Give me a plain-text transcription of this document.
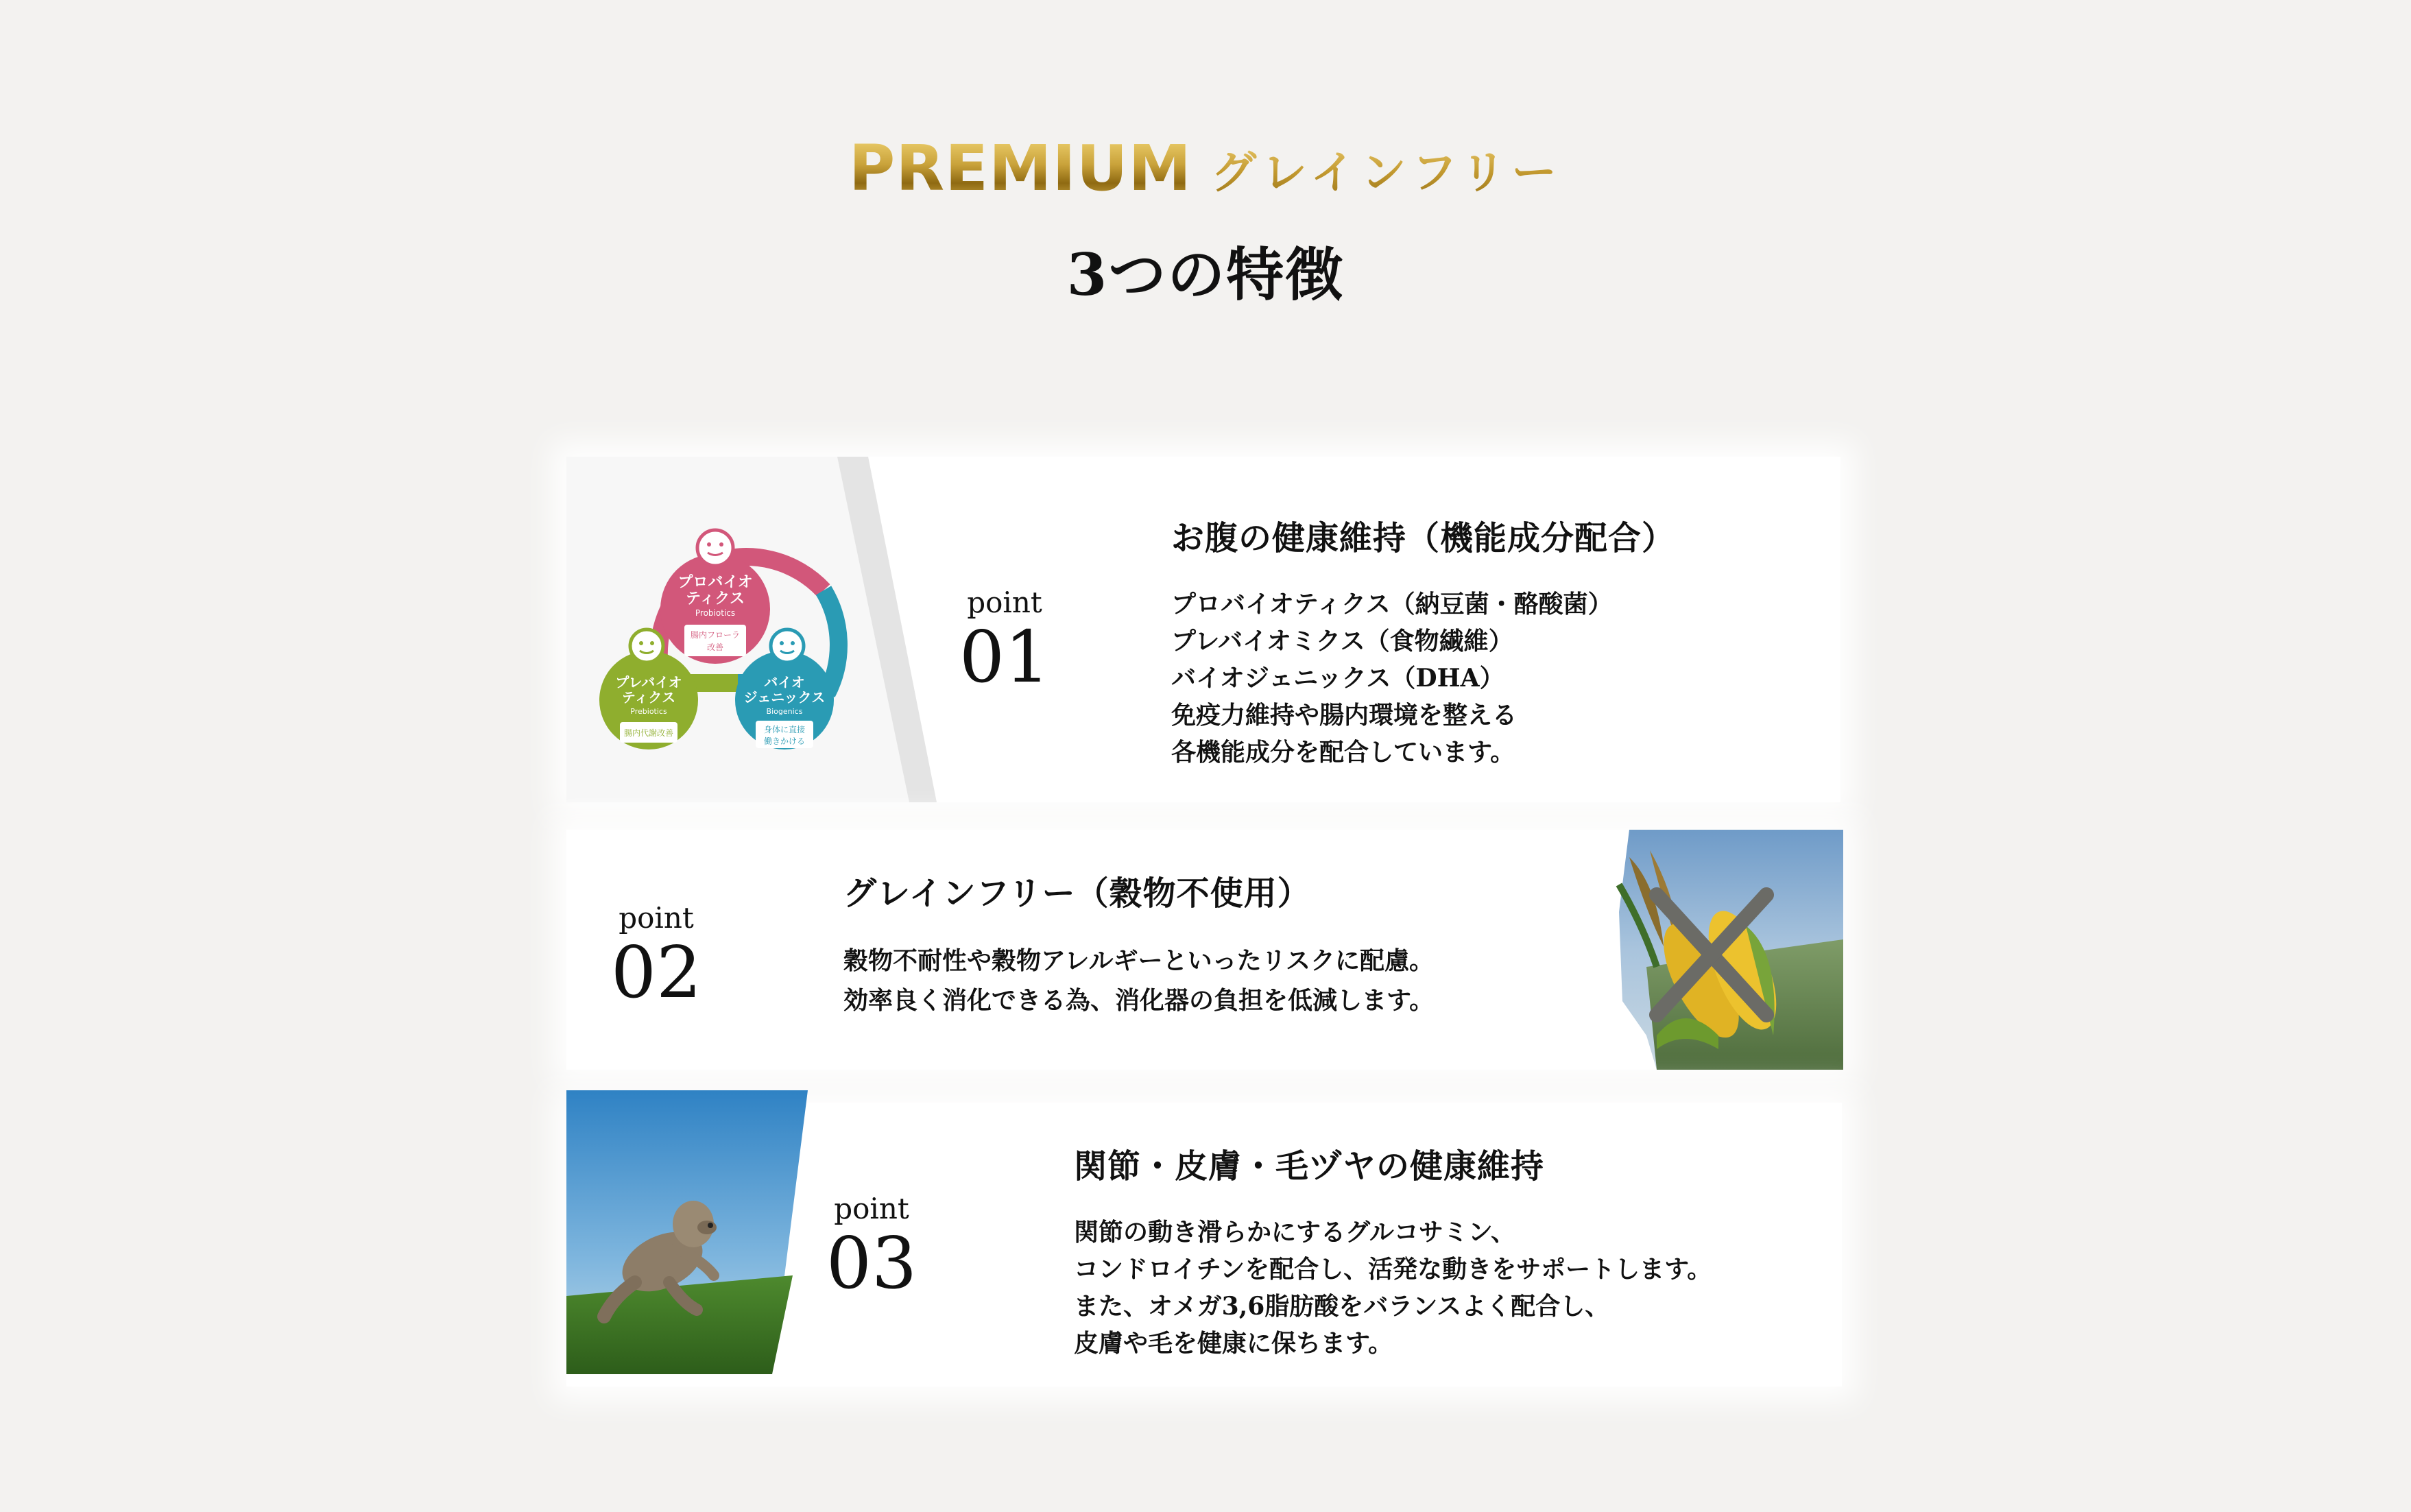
PREMIUM グレインフリー
3つの特徴
プロバイオ
ティクス
Probiotics
腸内フローラ
改善
プレバイオ
ティクス
Prebiotics
腸内代謝改善
バイオ
ジェニックス
Biogenics
身体に直接
働きかける
point
01
お腹の健康維持（機能成分配合）
プロバイオティクス（納豆菌・酪酸菌）
プレバイオミクス（食物繊維）
バイオジェニックス（DHA）
免疫力維持や腸内環境を整える
各機能成分を配合しています。
point
02
グレインフリー（穀物不使用）
穀物不耐性や穀物アレルギーといったリスクに配慮。
効率良く消化できる為、消化器の負担を低減します。
point
03
関節・皮膚・毛ヅヤの健康維持
関節の動き滑らかにするグルコサミン、
コンドロイチンを配合し、活発な動きをサポートします。
また、オメガ3,6脂肪酸をバランスよく配合し、
皮膚や毛を健康に保ちます。
